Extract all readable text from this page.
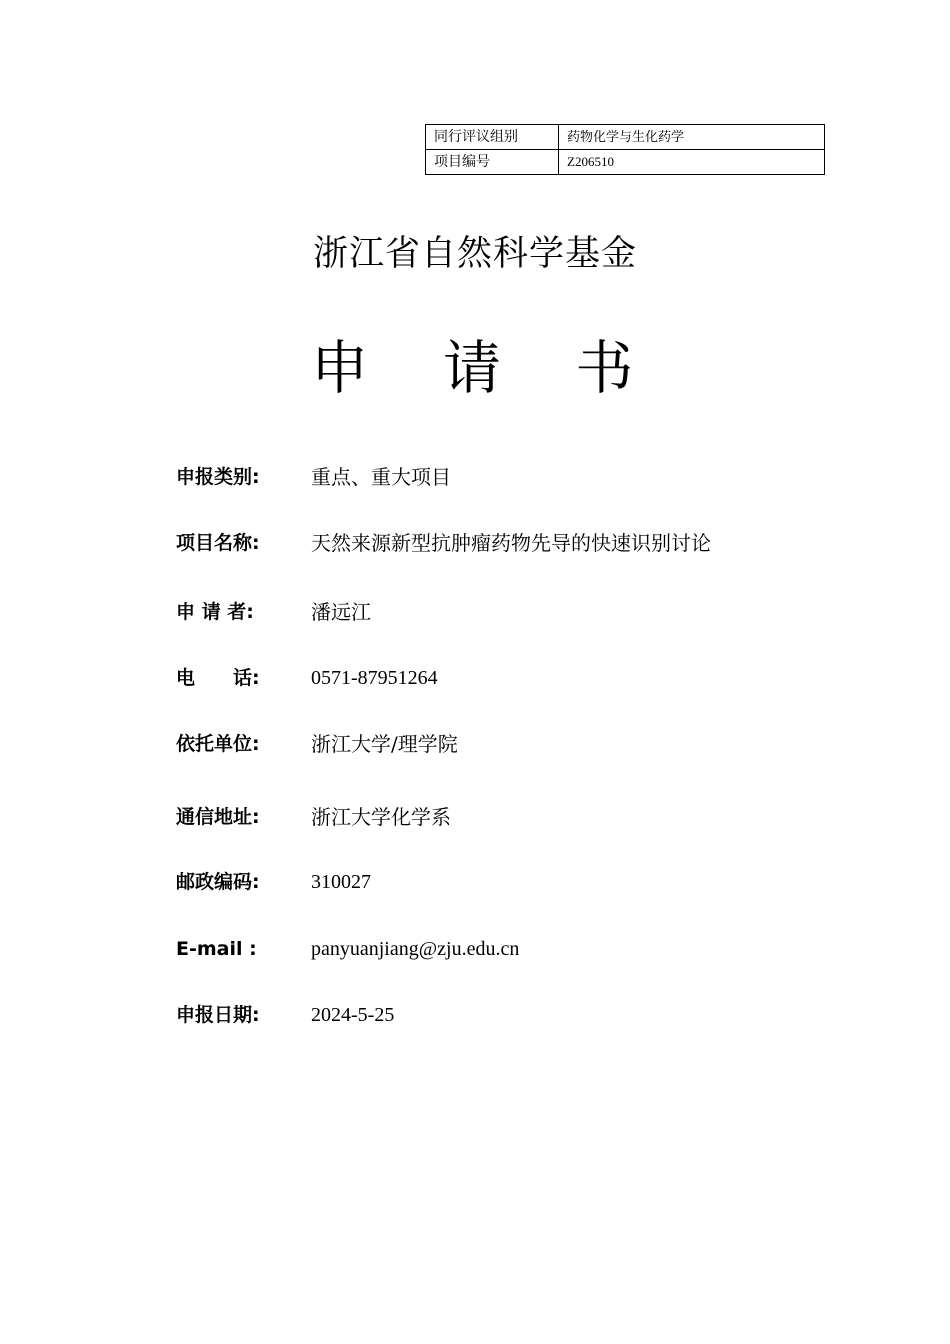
同行评议组别	药物化学与生化药学
项目编号	Z206510
浙江省自然科学基金
申 请 书
申报类别:	重点、重大项目
项目名称:	天然来源新型抗肿瘤药物先导的快速识别讨论
申 请 者:	潘远江
电　　话:	0571-87951264
依托单位:	浙江大学/理学院
通信地址:	浙江大学化学系
邮政编码:	310027
E-mail :	panyuanjiang@zju.edu.cn
申报日期:	2024-5-25
